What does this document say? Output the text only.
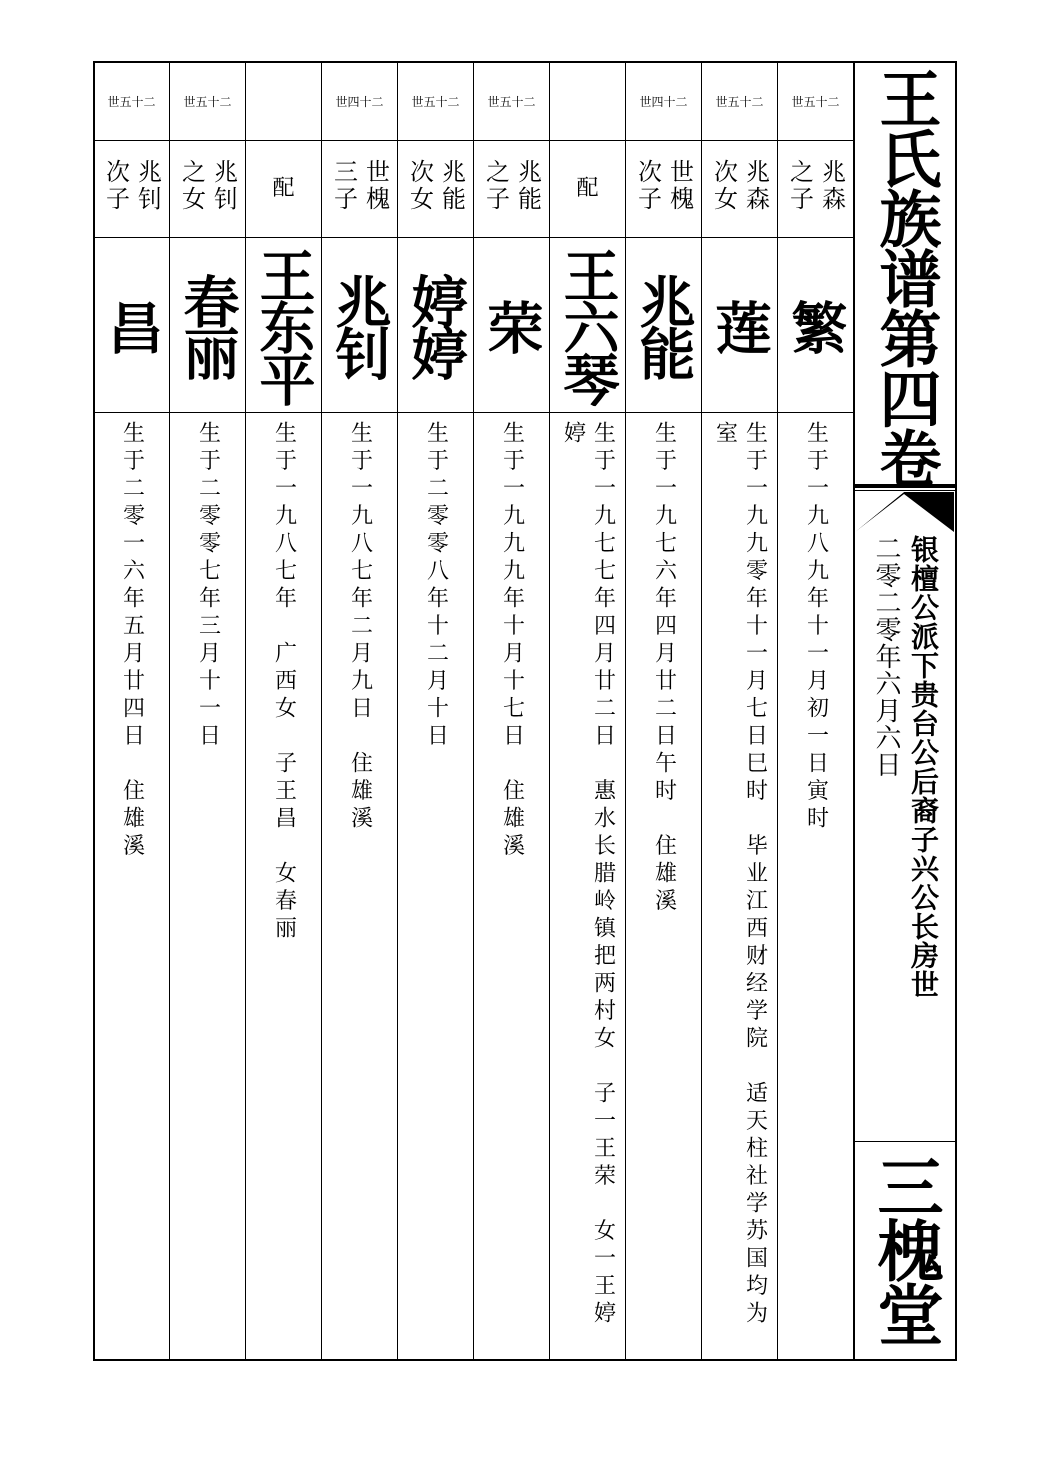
王氏族谱第四卷
银檀公派下贵台公后裔子兴公长房世
二零二零年六月六日
三槐堂
二十五世
兆森
之子
繁
生于一九八九年十一月初一日寅时
二十五世
兆森
次女
莲
生于一九九零年十一月七日巳时　毕业江西财经学院　适天柱社学苏国均为
室
二十四世
世槐
次子
兆能
生于一九七六年四月廿二日午时　住雄溪
配
王六琴
生于一九七七年四月廿二日　惠水长腊岭镇把两村女　子一王荣　女一王婷
婷
二十五世
兆能
之子
荣
生于一九九九年十月十七日　住雄溪
二十五世
兆能
次女
婷婷
生于二零零八年十二月十日
二十四世
世槐
三子
兆钊
生于一九八七年二月九日　住雄溪
配
王东平
生于一九八七年　广西女　子王昌　女春丽
二十五世
兆钊
之女
春丽
生于二零零七年三月十一日
二十五世
兆钊
次子
昌
生于二零一六年五月廿四日　住雄溪
